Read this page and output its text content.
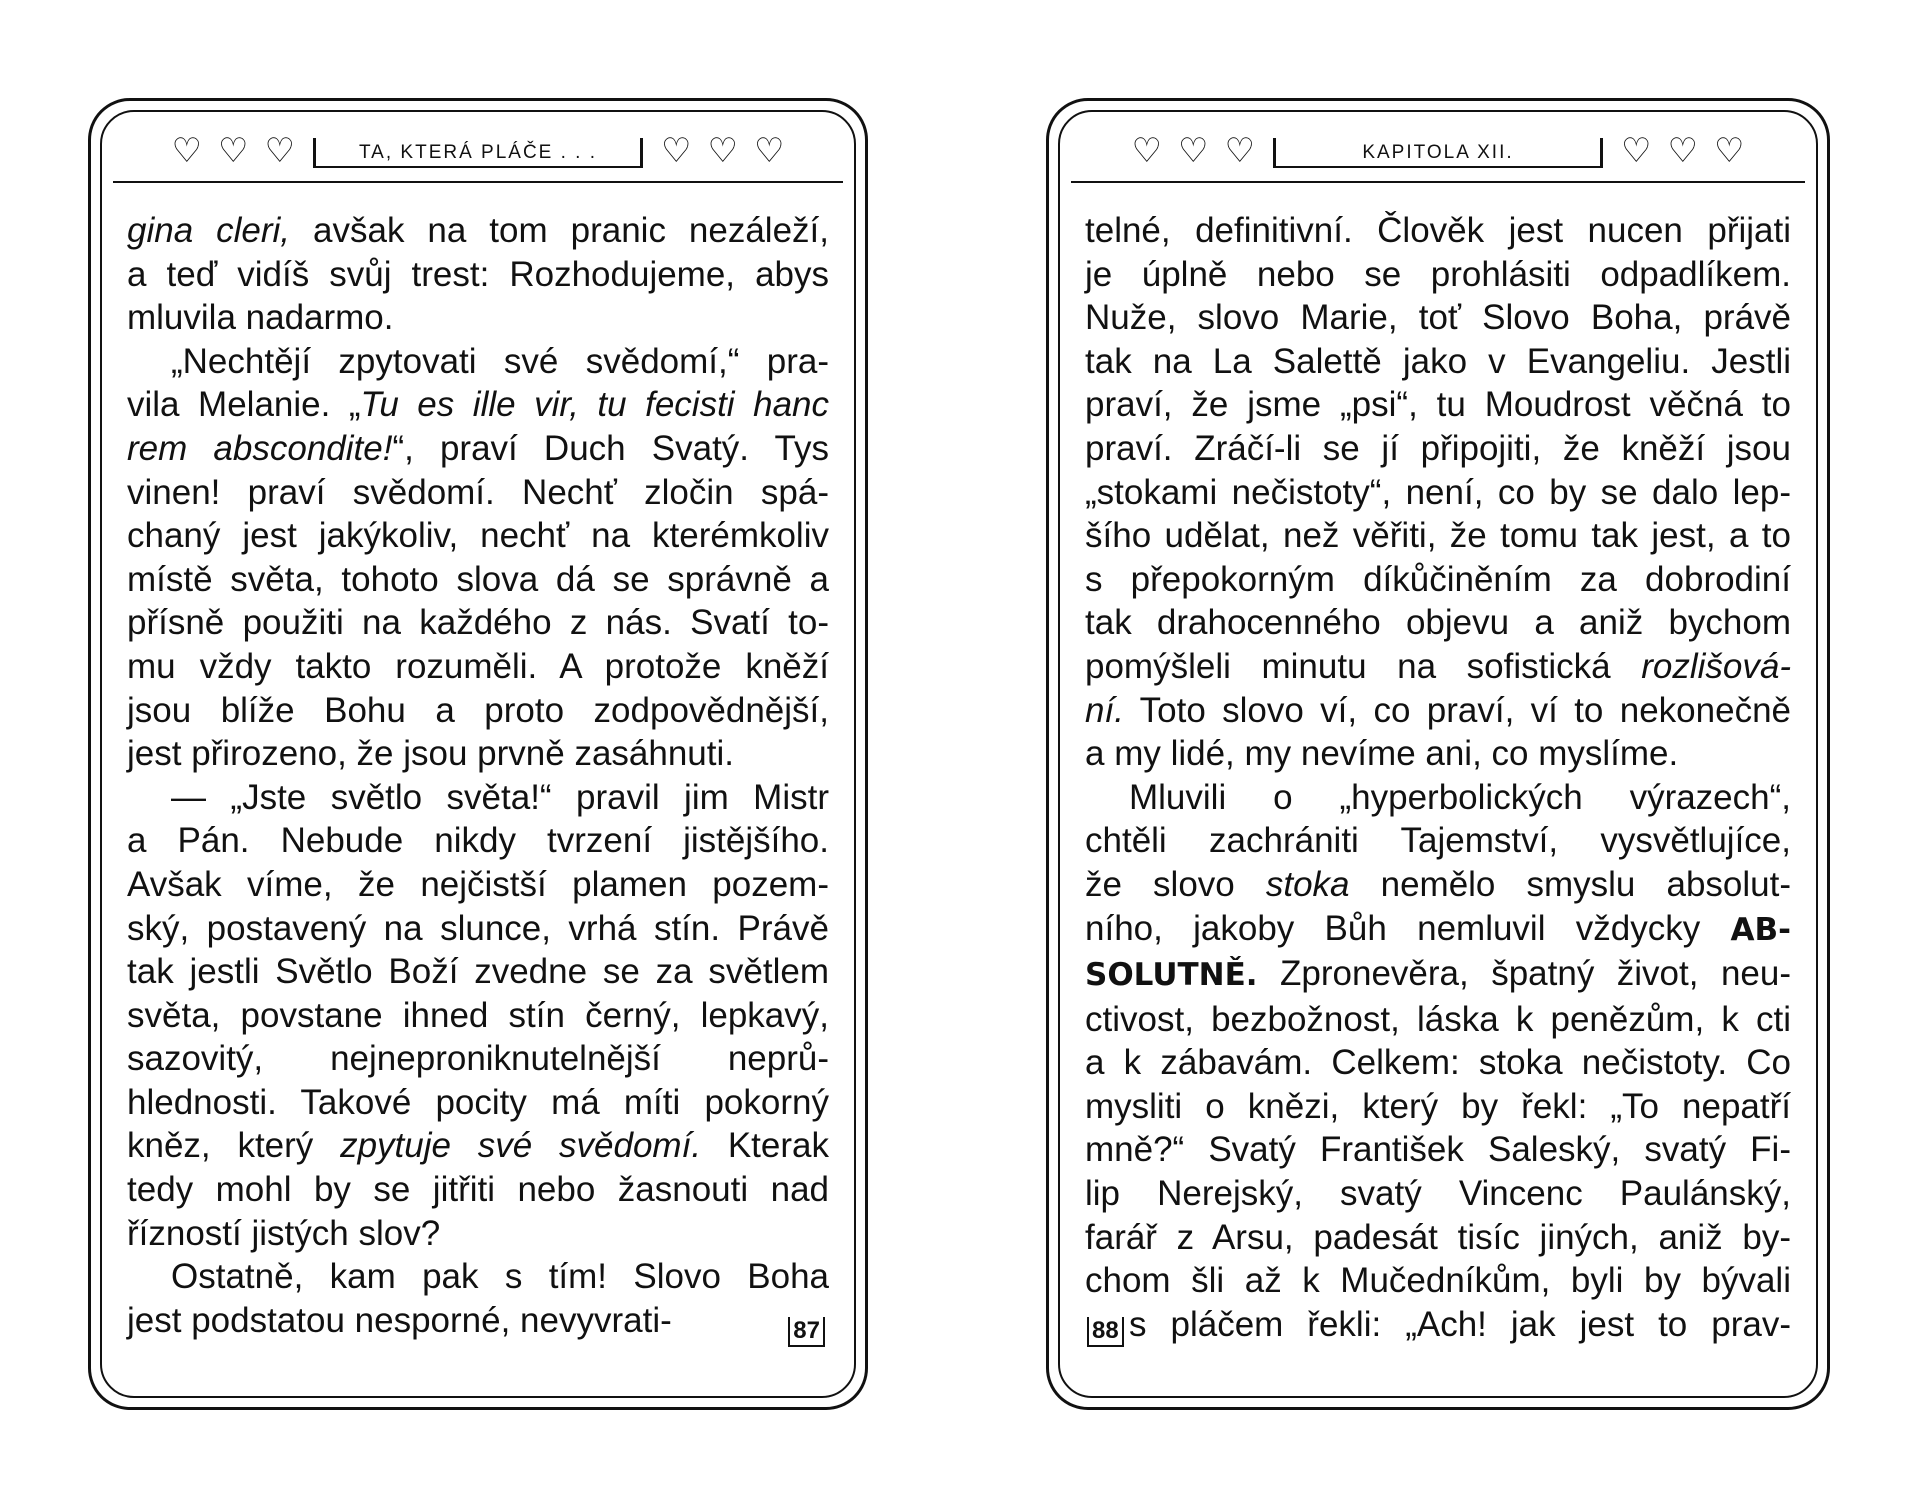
♡ ♡ ♡	TA, KTERÁ PLÁČE . . .	♡ ♡ ♡
gina cleri, avšak na tom pranic nezáleží,
a teď vidíš svůj trest: Rozhodujeme, abys
mluvila nadarmo.
„Nechtějí zpytovati své svědomí,“ pra-
vila Melanie. „Tu es ille vir, tu fecisti hanc
rem abscondite!“, praví Duch Svatý. Tys
vinen! praví svědomí. Nechť zločin spá-
chaný jest jakýkoliv, nechť na kterémkoliv
místě světa, tohoto slova dá se správně a
přísně použiti na každého z nás. Svatí to-
mu vždy takto rozuměli. A protože kněží
jsou blíže Bohu a proto zodpovědnější,
jest přirozeno, že jsou prvně zasáhnuti.
— „Jste světlo světa!“ pravil jim Mistr
a Pán. Nebude nikdy tvrzení jistějšího.
Avšak víme, že nejčistší plamen pozem-
ský, postavený na slunce, vrhá stín. Právě
tak jestli Světlo Boží zvedne se za světlem
světa, povstane ihned stín černý, lepkavý,
sazovitý, nejneproniknutelnější neprů-
hlednosti. Takové pocity má míti pokorný
kněz, který zpytuje své svědomí. Kterak
tedy mohl by se jitřiti nebo žasnouti nad
řízností jistých slov?
Ostatně, kam pak s tím! Slovo Boha
jest podstatou nesporné, nevyvrati-	87
♡ ♡ ♡	KAPITOLA XII.	♡ ♡ ♡
telné, definitivní. Člověk jest nucen přijati
je úplně nebo se prohlásiti odpadlíkem.
Nuže, slovo Marie, toť Slovo Boha, právě
tak na La Salettě jako v Evangeliu. Jestli
praví, že jsme „psi“, tu Moudrost věčná to
praví. Zráčí-li se jí připojiti, že kněží jsou
„stokami nečistoty“, není, co by se dalo lep-
šího udělat, než věřiti, že tomu tak jest, a to
s přepokorným díkůčiněním za dobrodiní
tak drahocenného objevu a aniž bychom
pomýšleli minutu na sofistická rozlišová-
ní. Toto slovo ví, co praví, ví to nekonečně
a my lidé, my nevíme ani, co myslíme.
Mluvili o „hyperbolických výrazech“,
chtěli zachrániti Tajemství, vysvětlujíce,
že slovo stoka nemělo smyslu absolut-
ního, jakoby Bůh nemluvil vždycky AB-
SOLUTNĚ. Zpronevěra, špatný život, neu-
ctivost, bezbožnost, láska k penězům, k cti
a k zábavám. Celkem: stoka nečistoty. Co
mysliti o knězi, který by řekl: „To nepatří
mně?“ Svatý František Saleský, svatý Fi-
lip Nerejský, svatý Vincenc Paulánský,
farář z Arsu, padesát tisíc jiných, aniž by-
chom šli až k Mučedníkům, byli by bývali
s pláčem řekli: „Ach! jak jest to prav-
88
